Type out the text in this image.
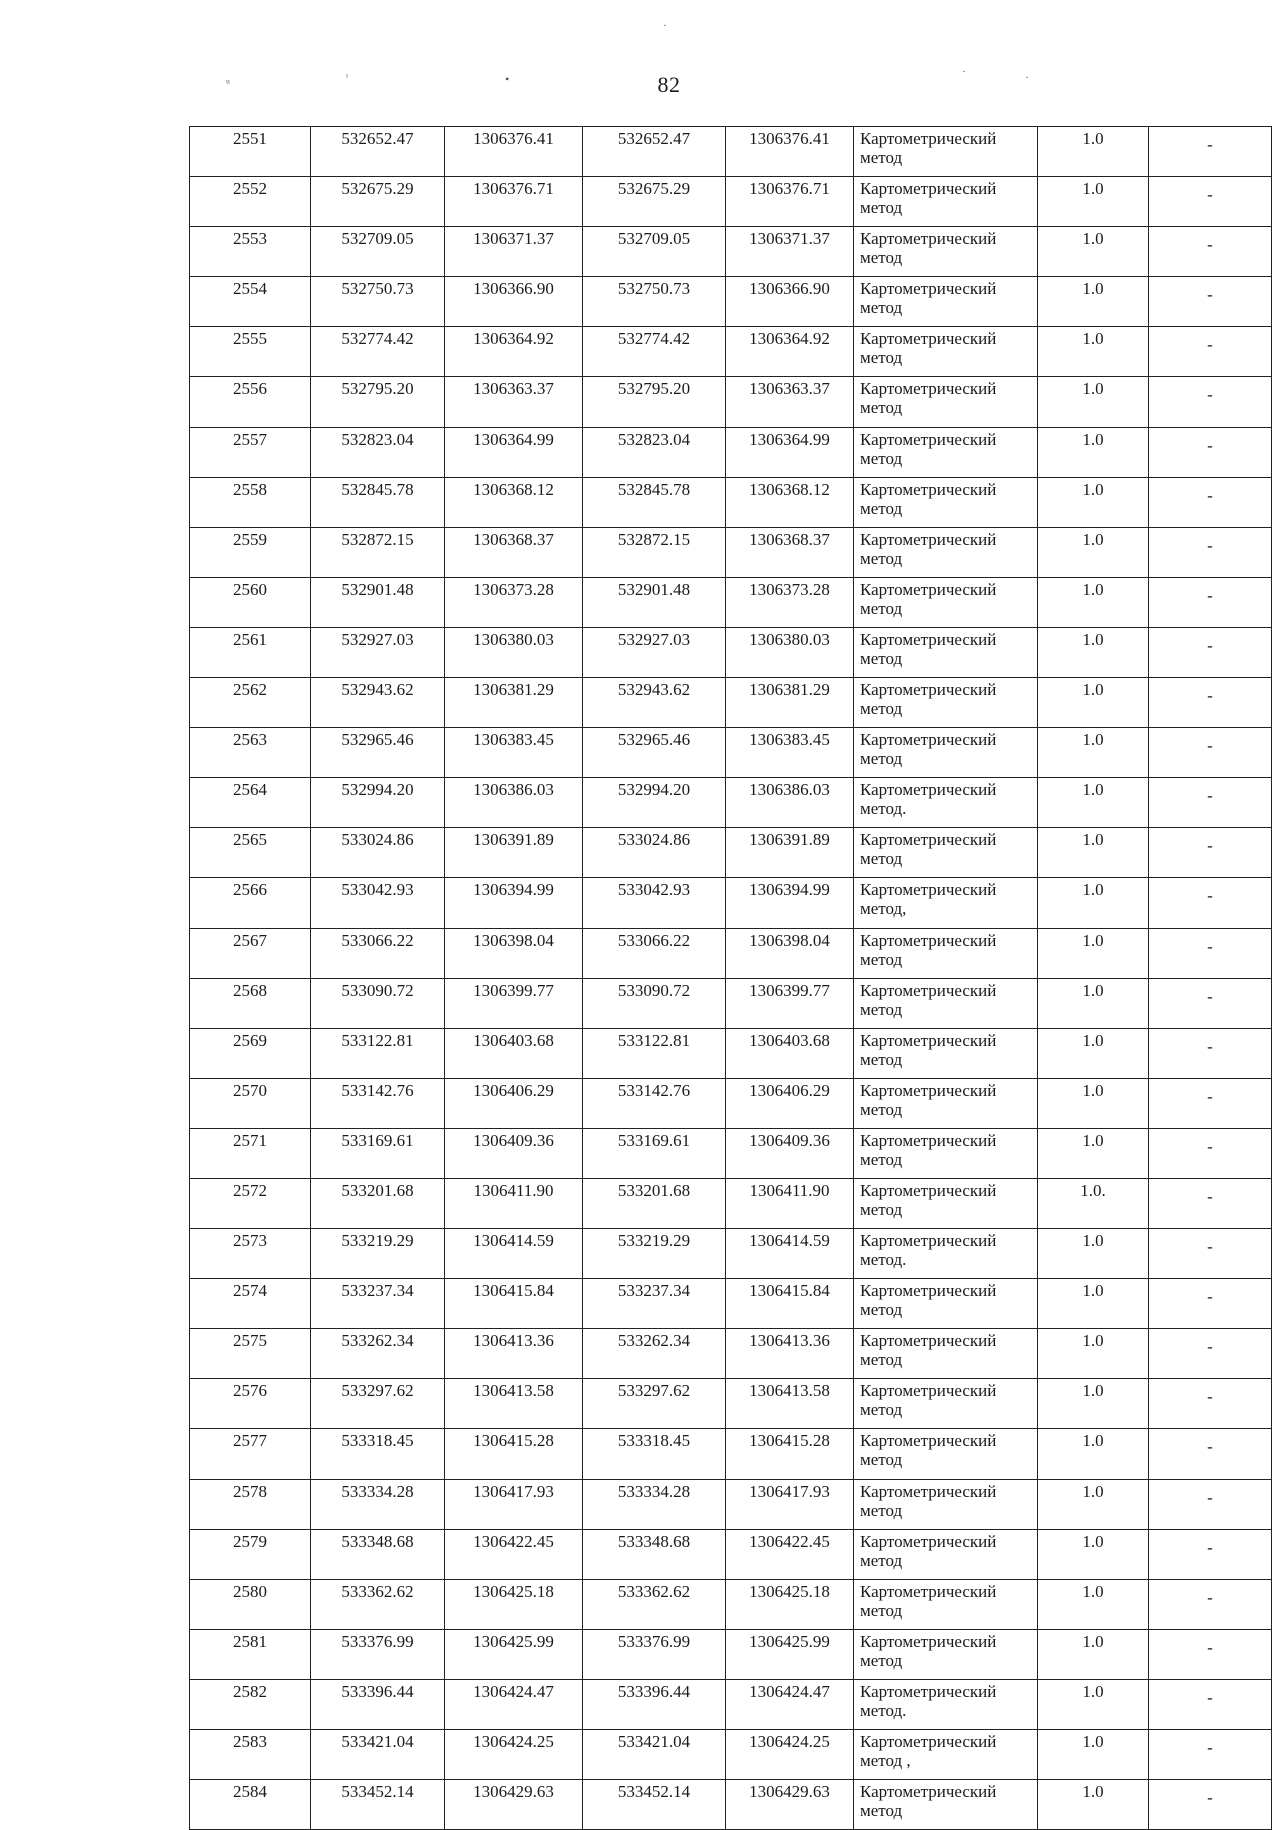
ᵘ	ᶦ	•
·
·	·
82
2551	532652.47	1306376.41	532652.47	1306376.41	Картометрический метод	1.0	-
2552	532675.29	1306376.71	532675.29	1306376.71	Картометрический метод	1.0	-
2553	532709.05	1306371.37	532709.05	1306371.37	Картометрический метод	1.0	-
2554	532750.73	1306366.90	532750.73	1306366.90	Картометрический метод	1.0	-
2555	532774.42	1306364.92	532774.42	1306364.92	Картометрический метод	1.0	-
2556	532795.20	1306363.37	532795.20	1306363.37	Картометрический метод	1.0	-
2557	532823.04	1306364.99	532823.04	1306364.99	Картометрический метод	1.0	-
2558	532845.78	1306368.12	532845.78	1306368.12	Картометрический метод	1.0	-
2559	532872.15	1306368.37	532872.15	1306368.37	Картометрический метод	1.0	-
2560	532901.48	1306373.28	532901.48	1306373.28	Картометрический метод	1.0	-
2561	532927.03	1306380.03	532927.03	1306380.03	Картометрический метод	1.0	-
2562	532943.62	1306381.29	532943.62	1306381.29	Картометрический метод	1.0	-
2563	532965.46	1306383.45	532965.46	1306383.45	Картометрический метод	1.0	-
2564	532994.20	1306386.03	532994.20	1306386.03	Картометрический метод.	1.0	-
2565	533024.86	1306391.89	533024.86	1306391.89	Картометрический метод	1.0	-
2566	533042.93	1306394.99	533042.93	1306394.99	Картометрический метод,	1.0	-
2567	533066.22	1306398.04	533066.22	1306398.04	Картометрический метод	1.0	-
2568	533090.72	1306399.77	533090.72	1306399.77	Картометрический метод	1.0	-
2569	533122.81	1306403.68	533122.81	1306403.68	Картометрический метод	1.0	-
2570	533142.76	1306406.29	533142.76	1306406.29	Картометрический метод	1.0	-
2571	533169.61	1306409.36	533169.61	1306409.36	Картометрический метод	1.0	-
2572	533201.68	1306411.90	533201.68	1306411.90	Картометрический метод	1.0.	-
2573	533219.29	1306414.59	533219.29	1306414.59	Картометрический метод.	1.0	-
2574	533237.34	1306415.84	533237.34	1306415.84	Картометрический метод	1.0	-
2575	533262.34	1306413.36	533262.34	1306413.36	Картометрический метод	1.0	-
2576	533297.62	1306413.58	533297.62	1306413.58	Картометрический метод	1.0	-
2577	533318.45	1306415.28	533318.45	1306415.28	Картометрический метод	1.0	-
2578	533334.28	1306417.93	533334.28	1306417.93	Картометрический метод	1.0	-
2579	533348.68	1306422.45	533348.68	1306422.45	Картометрический метод	1.0	-
2580	533362.62	1306425.18	533362.62	1306425.18	Картометрический метод	1.0	-
2581	533376.99	1306425.99	533376.99	1306425.99	Картометрический метод	1.0	-
2582	533396.44	1306424.47	533396.44	1306424.47	Картометрический метод.	1.0	-
2583	533421.04	1306424.25	533421.04	1306424.25	Картометрический метод ,	1.0	-
2584	533452.14	1306429.63	533452.14	1306429.63	Картометрический метод	1.0	-
